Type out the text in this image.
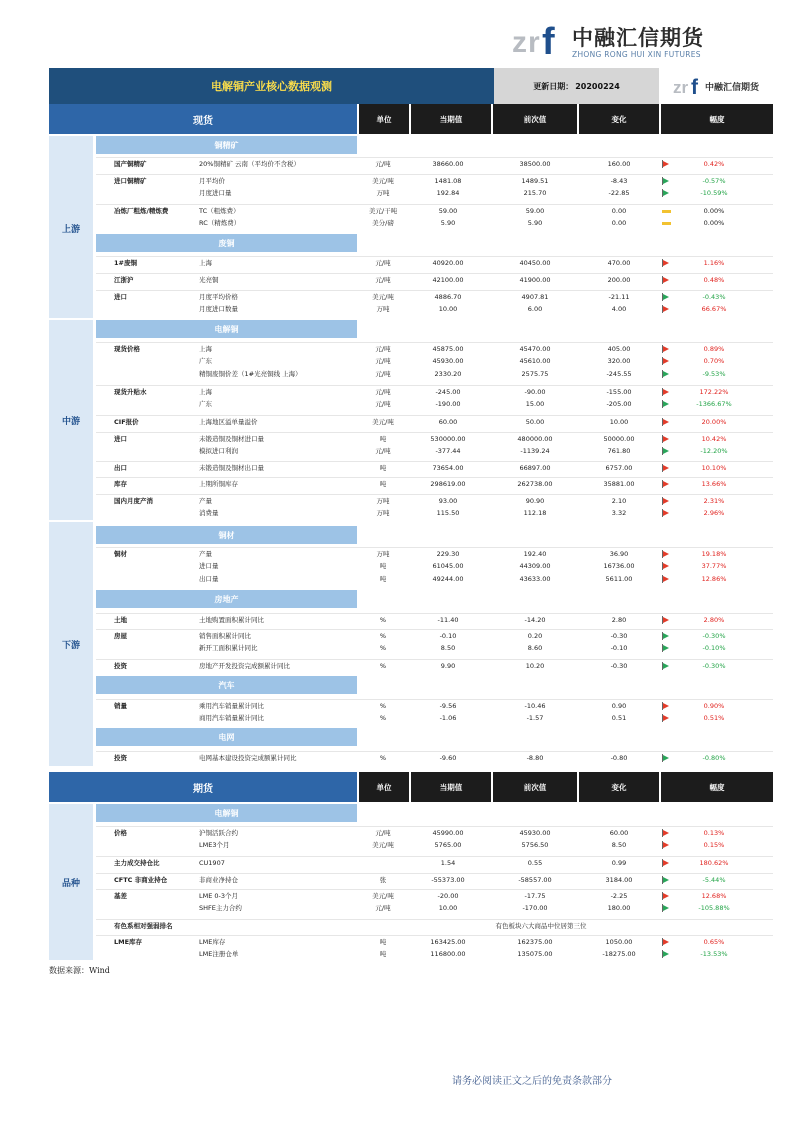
z r f 中融汇信期货
ZHONG RONG HUI XIN FUTURES
电解铜产业核心数据观测	更新日期： 20200224	zr f 中融汇信期货
现货	单位	当期值	前次值	变化	幅度
上游
中游
下游
铜精矿
废铜
电解铜
铜材
房地产
汽车
电网
国产铜精矿	20%铜精矿 云南（平均价不含税）	元/吨	38660.00	38500.00	160.00	0.42%
进口铜精矿	月平均价	美元/吨	1481.08	1489.51	-8.43	-0.57%
月度进口量	万吨	192.84	215.70	-22.85	-10.59%
冶炼厂粗炼/精炼费	TC（粗炼费）	美元/干吨	59.00	59.00	0.00	0.00%
RC（精炼费）	美分/磅	5.90	5.90	0.00	0.00%
1#废铜	上海	元/吨	40920.00	40450.00	470.00	1.16%
江浙沪	光亮铜	元/吨	42100.00	41900.00	200.00	0.48%
进口	月度平均价格	美元/吨	4886.70	4907.81	-21.11	-0.43%
月度进口数量	万吨	10.00	6.00	4.00	66.67%
现货价格	上海	元/吨	45875.00	45470.00	405.00	0.89%
广东	元/吨	45930.00	45610.00	320.00	0.70%
精铜废铜价差（1#光亮铜线 上海）	元/吨	2330.20	2575.75	-245.55	-9.53%
现货升贴水	上海	元/吨	-245.00	-90.00	-155.00	172.22%
广东	元/吨	-190.00	15.00	-205.00	-1366.67%
CIF报价	上海地区溢单量溢价	美元/吨	60.00	50.00	10.00	20.00%
进口	未锻造铜及铜材进口量	吨	530000.00	480000.00	50000.00	10.42%
模拟进口利润	元/吨	-377.44	-1139.24	761.80	-12.20%
出口	未锻造铜及铜材出口量	吨	73654.00	66897.00	6757.00	10.10%
库存	上期所铜库存	吨	298619.00	262738.00	35881.00	13.66%
国内月度产消	产量	万吨	93.00	90.90	2.10	2.31%
消费量	万吨	115.50	112.18	3.32	2.96%
铜材	产量	万吨	229.30	192.40	36.90	19.18%
进口量	吨	61045.00	44309.00	16736.00	37.77%
出口量	吨	49244.00	43633.00	5611.00	12.86%
土地	土地购置面积累计同比	%	-11.40	-14.20	2.80	2.80%
房屋	销售面积累计同比	%	-0.10	0.20	-0.30	-0.30%
新开工面积累计同比	%	8.50	8.60	-0.10	-0.10%
投资	房地产开发投资完成额累计同比	%	9.90	10.20	-0.30	-0.30%
销量	乘用汽车销量累计同比	%	-9.56	-10.46	0.90	0.90%
商用汽车销量累计同比	%	-1.06	-1.57	0.51	0.51%
投资	电网基本建设投资完成额累计同比	%	-9.60	-8.80	-0.80	-0.80%
期货	单位	当期值	前次值	变化	幅度
品种
电解铜
价格	沪铜活跃合约	元/吨	45990.00	45930.00	60.00	0.13%
LME3个月	美元/吨	5765.00	5756.50	8.50	0.15%
主力成交持仓比	CU1907	1.54	0.55	0.99	180.62%
CFTC 非商业持仓	非商业净持仓	张	-55373.00	-58557.00	3184.00	-5.44%
基差	LME 0-3个月	美元/吨	-20.00	-17.75	-2.25	12.68%
SHFE主力合约	元/吨	10.00	-170.00	180.00	-105.88%
有色系相对强弱排名	有色板块六大商品中位居第三位
LME库存	LME库存	吨	163425.00	162375.00	1050.00	0.65%
LME注册仓单	吨	116800.00	135075.00	-18275.00	-13.53%
数据来源：Wind
请务必阅读正文之后的免责条款部分
